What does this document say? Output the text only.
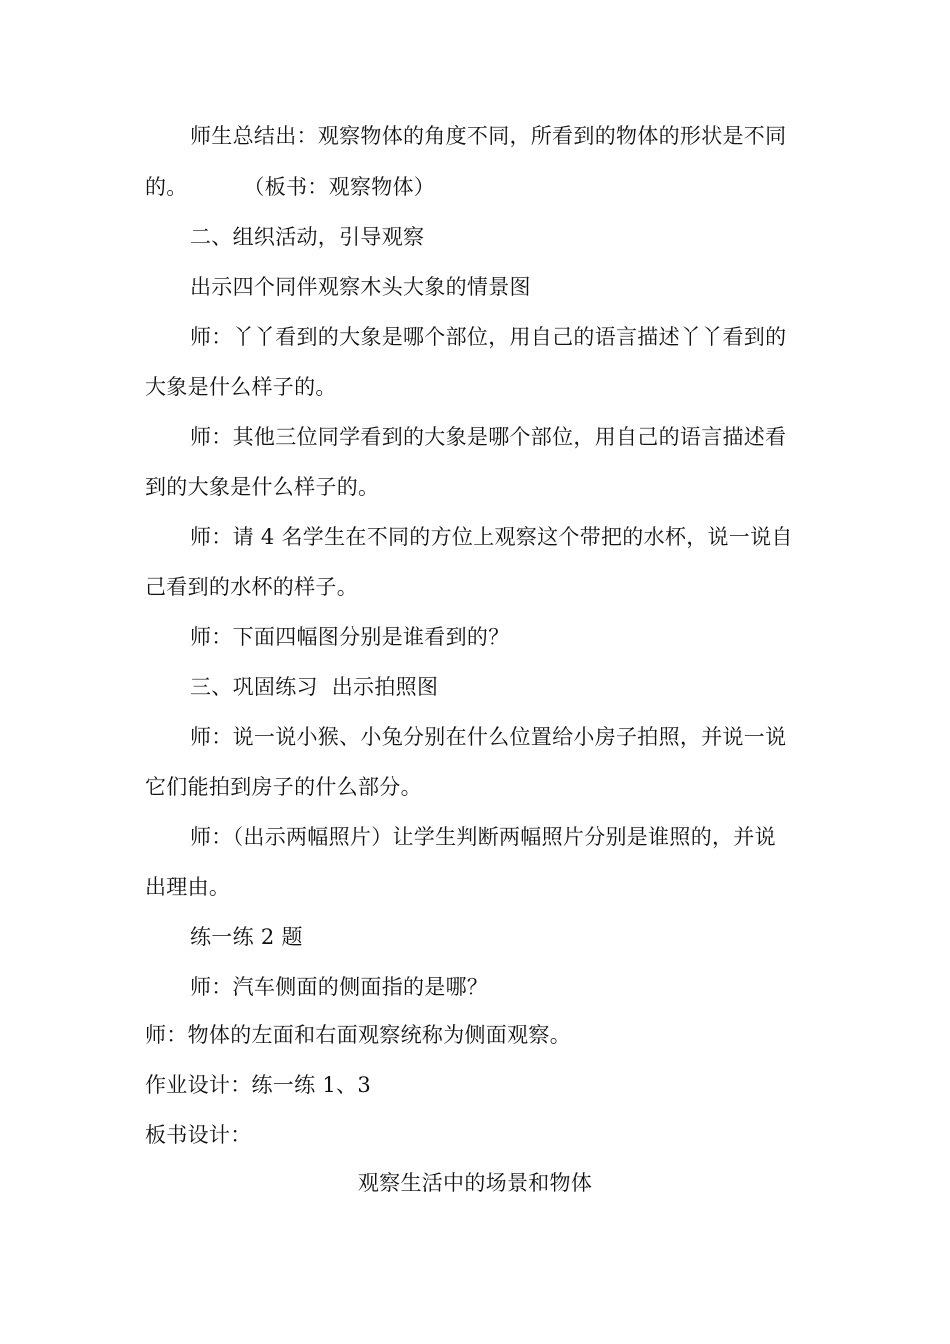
师生总结出：观察物体的角度不同，所看到的物体的形状是不同
的。        （板书：观察物体）
二、组织活动，引导观察
出示四个同伴观察木头大象的情景图
师：丫丫看到的大象是哪个部位，用自己的语言描述丫丫看到的
大象是什么样子的。
师：其他三位同学看到的大象是哪个部位，用自己的语言描述看
到的大象是什么样子的。
师：请 4 名学生在不同的方位上观察这个带把的水杯，说一说自
己看到的水杯的样子。
师：下面四幅图分别是谁看到的？
三、巩固练习  出示拍照图
师：说一说小猴、小兔分别在什么位置给小房子拍照，并说一说
它们能拍到房子的什么部分。
师：（出示两幅照片）让学生判断两幅照片分别是谁照的，并说
出理由。
练一练 2 题
师：汽车侧面的侧面指的是哪？
师：物体的左面和右面观察统称为侧面观察。
作业设计：练一练 1、3
板书设计：
观察生活中的场景和物体
